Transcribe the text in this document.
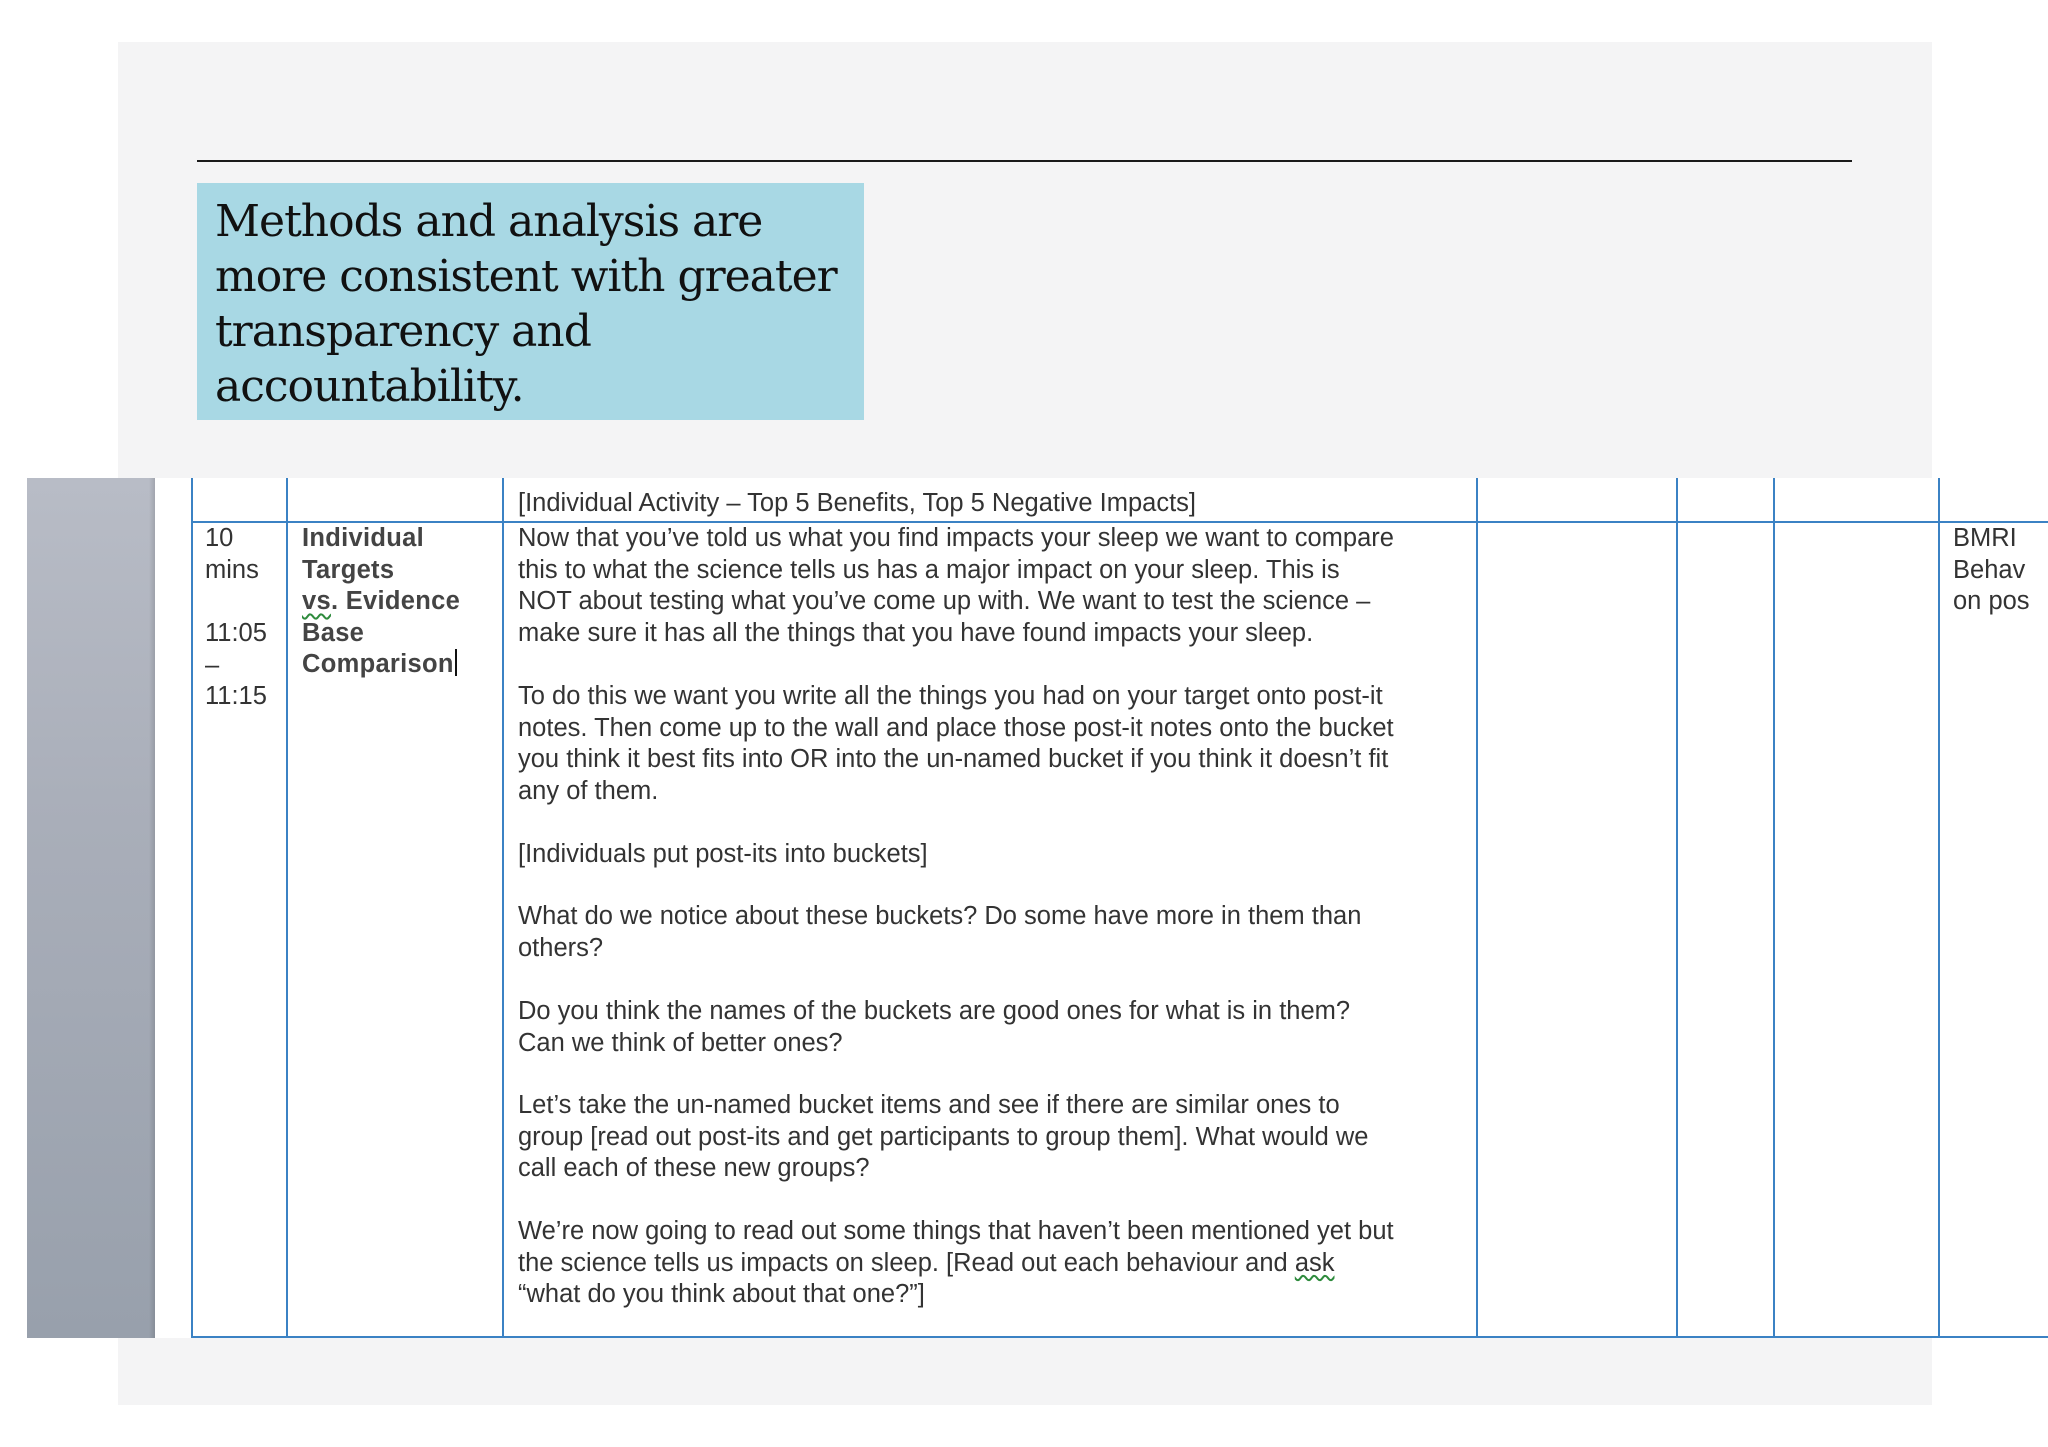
Methods and analysis are more consistent with greater transparency and accountability.

[Individual Activity – Top 5 Benefits, Top 5 Negative Impacts]

10
mins

11:05
–
11:15

Individual
Targets
vs. Evidence
Base
Comparison

Now that you’ve told us what you find impacts your sleep we want to compare
this to what the science tells us has a major impact on your sleep. This is
NOT about testing what you’ve come up with. We want to test the science –
make sure it has all the things that you have found impacts your sleep.

To do this we want you write all the things you had on your target onto post-it
notes. Then come up to the wall and place those post-it notes onto the bucket
you think it best fits into OR into the un-named bucket if you think it doesn’t fit
any of them.

[Individuals put post-its into buckets]

What do we notice about these buckets? Do some have more in them than
others?

Do you think the names of the buckets are good ones for what is in them?
Can we think of better ones?

Let’s take the un-named bucket items and see if there are similar ones to
group [read out post-its and get participants to group them]. What would we
call each of these new groups?

We’re now going to read out some things that haven’t been mentioned yet but
the science tells us impacts on sleep. [Read out each behaviour and ask
“what do you think about that one?”]

BMRI
Behav
on pos
